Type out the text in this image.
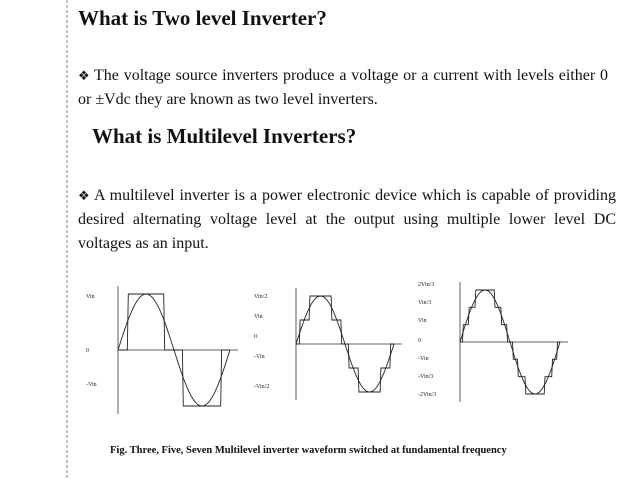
What is Two level Inverter?
❖ The voltage source inverters produce a voltage or a current with levels either 0 or ±Vdc they are known as two level inverters.
What is Multilevel Inverters?
❖ A multilevel inverter is a power electronic device which is capable of providing desired alternating voltage level at the output using multiple lower level DC voltages as an input.
Vin
0
-Vin
Vin/2
Vin
0
-Vin
-Vin/2
2Vin/3
Vin/3
Vin
0
-Vin
-Vin/3
-2Vin/3
Fig. Three, Five, Seven Multilevel inverter waveform switched at fundamental frequency
